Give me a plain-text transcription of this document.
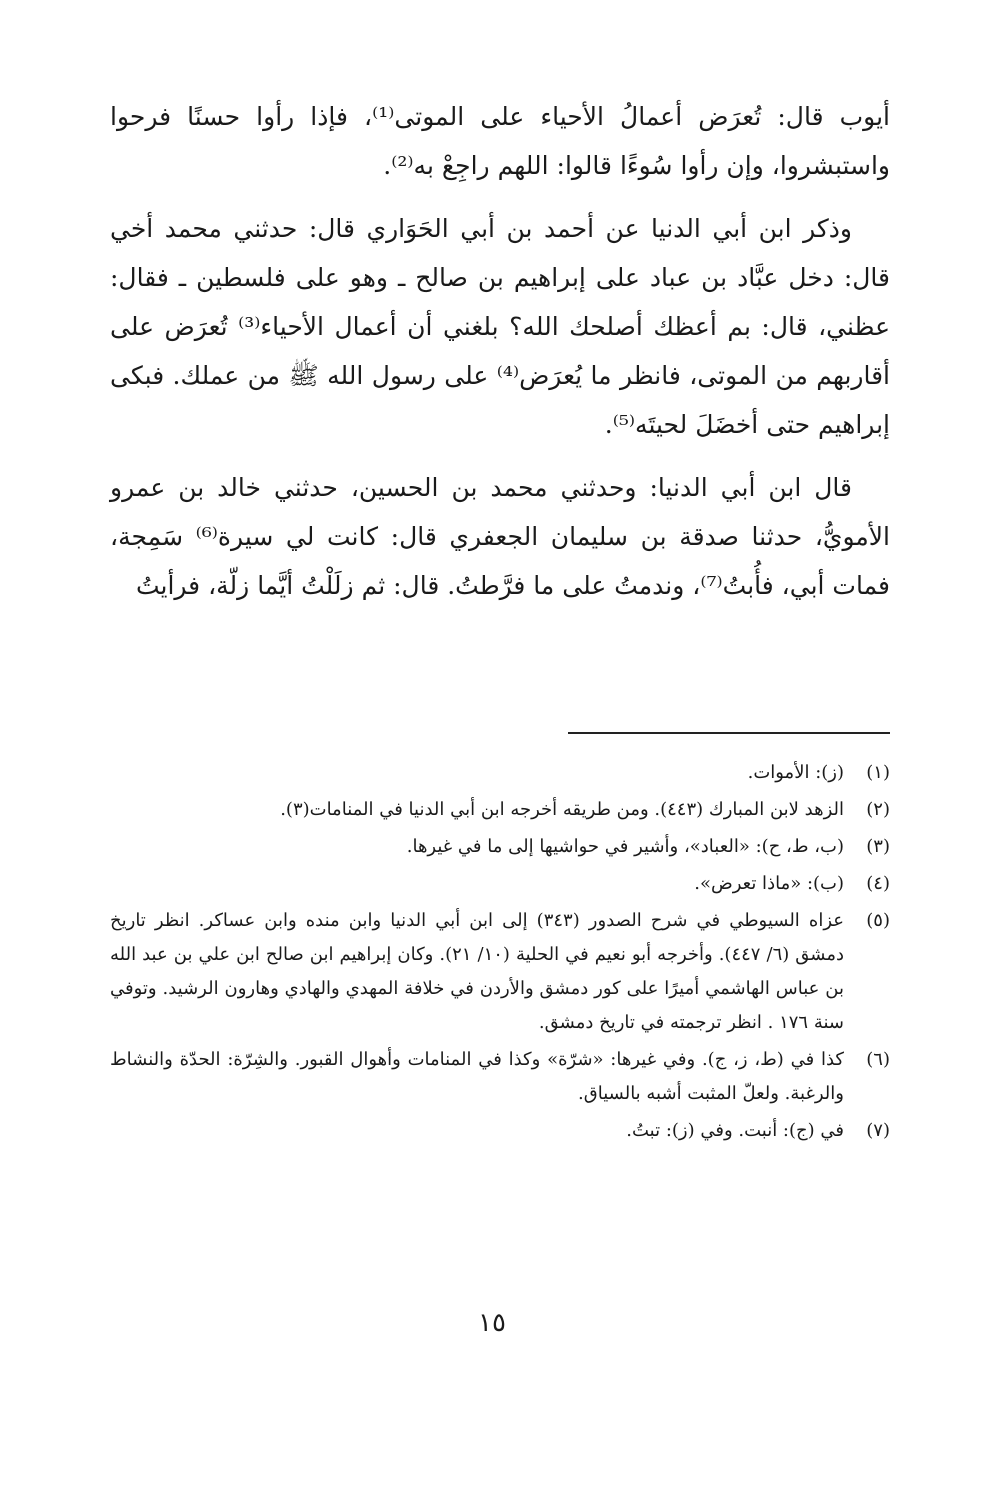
أيوب قال: تُعرَض أعمالُ الأحياء على الموتى⁽¹⁾، فإذا رأوا حسنًا فرحوا واستبشروا، وإن رأوا سُوءًا قالوا: اللهم راجِعْ به⁽²⁾.

وذكر ابن أبي الدنيا عن أحمد بن أبي الحَوَاري قال: حدثني محمد أخي قال: دخل عبَّاد بن عباد على إبراهيم بن صالح ـ وهو على فلسطين ـ فقال: عظني، قال: بم أعظك أصلحك الله؟ بلغني أن أعمال الأحياء⁽³⁾ تُعرَض على أقاربهم من الموتى، فانظر ما يُعرَض⁽⁴⁾ على رسول الله ﷺ من عملك. فبكى إبراهيم حتى أخضَلَ لحيتَه⁽⁵⁾.

قال ابن أبي الدنيا: وحدثني محمد بن الحسين، حدثني خالد بن عمرو الأمويُّ، حدثنا صدقة بن سليمان الجعفري قال: كانت لي سيرة⁽⁶⁾ سَمِجة، فمات أبي، فأُبتُ⁽⁷⁾، وندمتُ على ما فرَّطتُ. قال: ثم زلَلْتُ أيَّما زلّة، فرأيتُ

(١)
(ز): الأموات.
(٢)
الزهد لابن المبارك (٤٤٣). ومن طريقه أخرجه ابن أبي الدنيا في المنامات(٣).
(٣)
(ب، ط، ح): «العباد»، وأشير في حواشيها إلى ما في غيرها.
(٤)
(ب): «ماذا تعرض».
(٥)
عزاه السيوطي في شرح الصدور (٣٤٣) إلى ابن أبي الدنيا وابن منده وابن عساكر. انظر تاريخ دمشق (٦/ ٤٤٧). وأخرجه أبو نعيم في الحلية (١٠/ ٢١). وكان إبراهيم ابن صالح ابن علي بن عبد الله بن عباس الهاشمي أميرًا على كور دمشق والأردن في خلافة المهدي والهادي وهارون الرشيد. وتوفي سنة ١٧٦ . انظر ترجمته في تاريخ دمشق.
(٦)
كذا في (ط، ز، ج). وفي غيرها: «شرّة» وكذا في المنامات وأهوال القبور. والشِرّة: الحدّة والنشاط والرغبة. ولعلّ المثبت أشبه بالسياق.
(٧)
في (ج): أنبت. وفي (ز): تبتُ.
١٥
